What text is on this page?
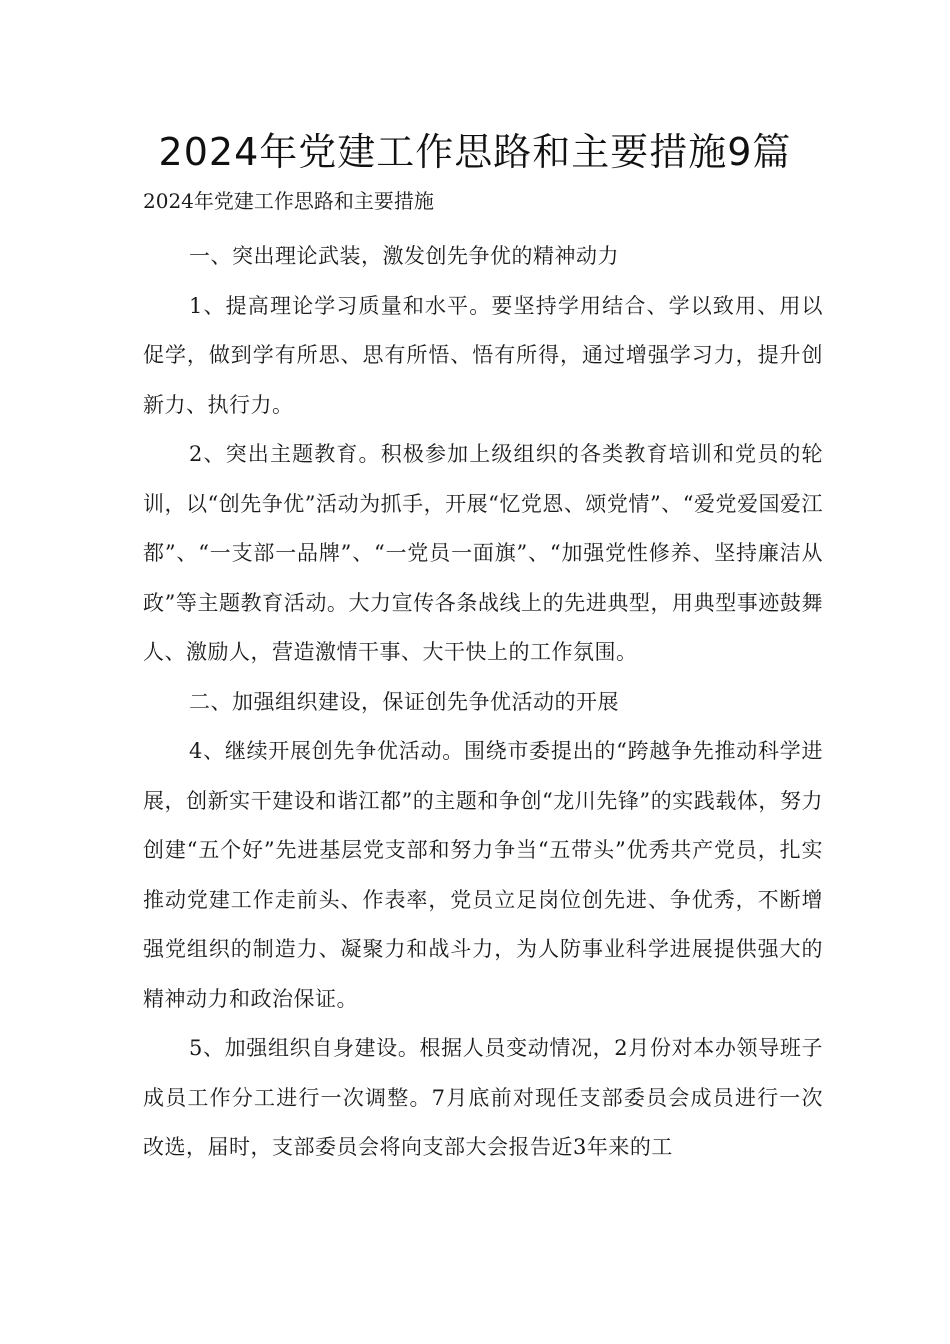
2024年党建工作思路和主要措施9篇

2024年党建工作思路和主要措施

一、突出理论武装，激发创先争优的精神动力

1、提高理论学习质量和水平。要坚持学用结合、学以致用、用以促学，做到学有所思、思有所悟、悟有所得，通过增强学习力，提升创新力、执行力。

2、突出主题教育。积极参加上级组织的各类教育培训和党员的轮训，以“创先争优”活动为抓手，开展“忆党恩、颂党情”、“爱党爱国爱江都”、“一支部一品牌”、“一党员一面旗”、“加强党性修养、坚持廉洁从政”等主题教育活动。大力宣传各条战线上的先进典型，用典型事迹鼓舞人、激励人，营造激情干事、大干快上的工作氛围。

二、加强组织建设，保证创先争优活动的开展

4、继续开展创先争优活动。围绕市委提出的“跨越争先推动科学进展，创新实干建设和谐江都”的主题和争创“龙川先锋”的实践载体，努力创建“五个好”先进基层党支部和努力争当“五带头”优秀共产党员，扎实推动党建工作走前头、作表率，党员立足岗位创先进、争优秀，不断增强党组织的制造力、凝聚力和战斗力，为人防事业科学进展提供强大的精神动力和政治保证。

5、加强组织自身建设。根据人员变动情况，2月份对本办领导班子成员工作分工进行一次调整。7月底前对现任支部委员会成员进行一次改选，届时，支部委员会将向支部大会报告近3年来的工
